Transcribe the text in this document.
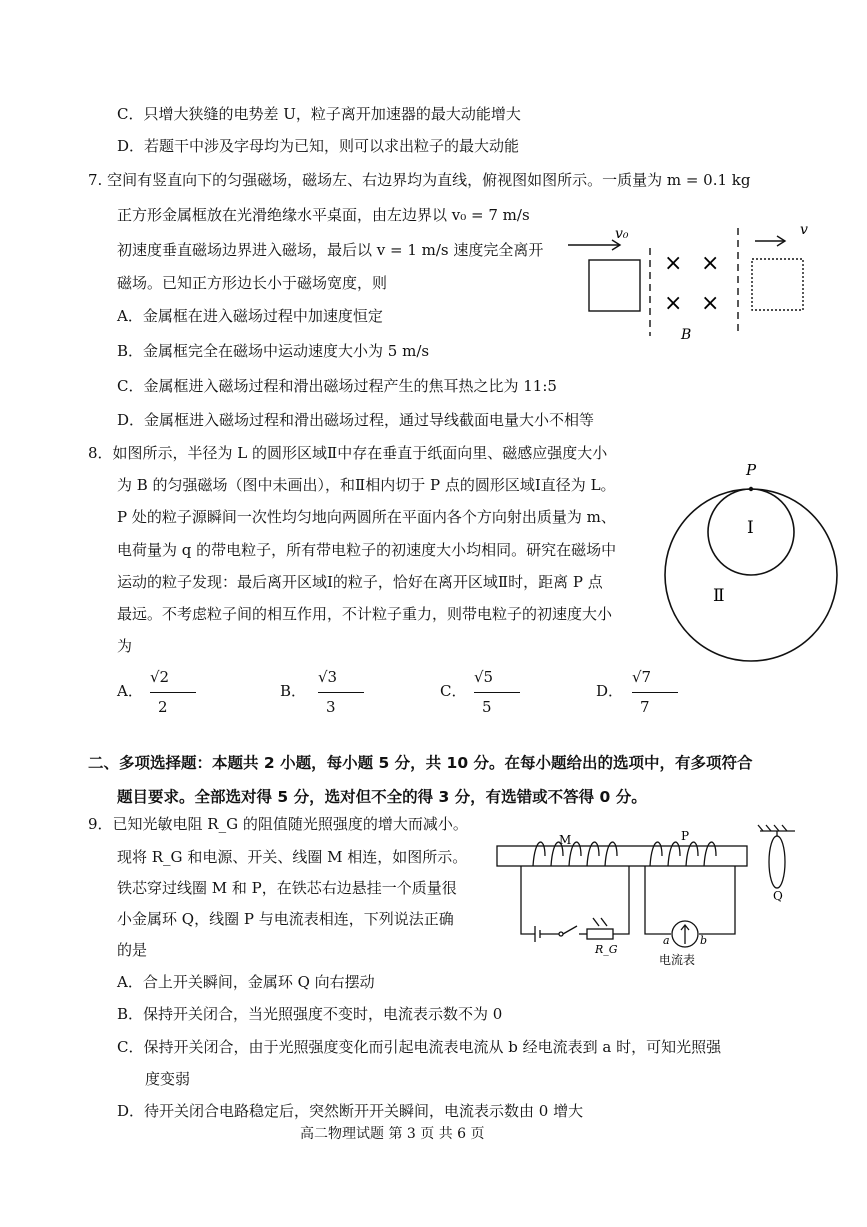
C．只增大狭缝的电势差 U，粒子离开加速器的最大动能增大
D．若题干中涉及字母均为已知，则可以求出粒子的最大动能
7. 空间有竖直向下的匀强磁场，磁场左、右边界均为直线，俯视图如图所示。一质量为 m = 0.1 kg
正方形金属框放在光滑绝缘水平桌面，由左边界以 v₀ = 7 m/s
初速度垂直磁场边界进入磁场，最后以 v = 1 m/s 速度完全离开
磁场。已知正方形边长小于磁场宽度，则
v₀	v
× ×
× ×
B
A．金属框在进入磁场过程中加速度恒定
B．金属框完全在磁场中运动速度大小为 5 m/s
C．金属框进入磁场过程和滑出磁场过程产生的焦耳热之比为 11:5
D．金属框进入磁场过程和滑出磁场过程，通过导线截面电量大小不相等
8．如图所示，半径为 L 的圆形区域Ⅱ中存在垂直于纸面向里、磁感应强度大小
为 B 的匀强磁场（图中未画出），和Ⅱ相内切于 P 点的圆形区域Ⅰ直径为 L。
P 处的粒子源瞬间一次性均匀地向两圆所在平面内各个方向射出质量为 m、
电荷量为 q 的带电粒子，所有带电粒子的初速度大小均相同。研究在磁场中
运动的粒子发现：最后离开区域Ⅰ的粒子，恰好在离开区域Ⅱ时，距离 P 点
最远。不考虑粒子间的相互作用，不计粒子重力，则带电粒子的初速度大小
为
P
Ⅰ
Ⅱ
A．
√2
2
B．
√3
3
C．
√5
5
D．
√7
7
二、多项选择题：本题共 2 小题，每小题 5 分，共 10 分。在每小题给出的选项中，有多项符合
题目要求。全部选对得 5 分，选对但不全的得 3 分，有选错或不答得 0 分。
9．已知光敏电阻 R_G 的阻值随光照强度的增大而减小。
现将 R_G 和电源、开关、线圈 M 相连，如图所示。
铁芯穿过线圈 M 和 P，在铁芯右边悬挂一个质量很
小金属环 Q，线圈 P 与电流表相连，下列说法正确
的是
M	P
Q
R_G
a	b
电流表
A．合上开关瞬间，金属环 Q 向右摆动
B．保持开关闭合，当光照强度不变时，电流表示数不为 0
C．保持开关闭合，由于光照强度变化而引起电流表电流从 b 经电流表到 a 时，可知光照强
度变弱
D．待开关闭合电路稳定后，突然断开开关瞬间，电流表示数由 0 增大
高二物理试题 第 3 页 共 6 页
